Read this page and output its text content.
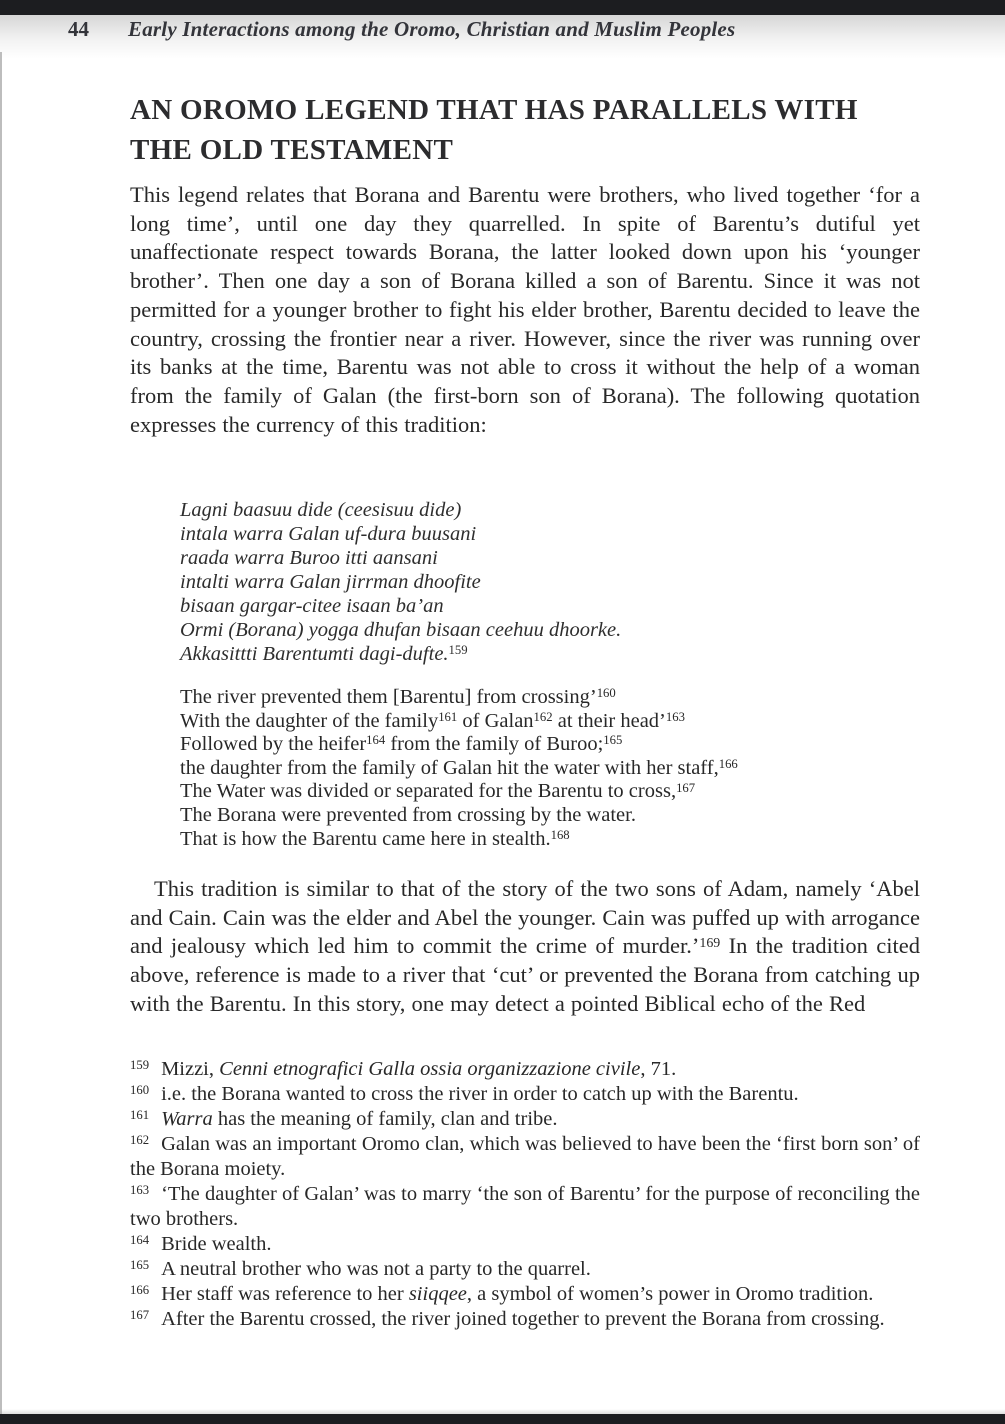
44 Early Interactions among the Oromo, Christian and Muslim Peoples
AN OROMO LEGEND THAT HAS PARALLELS WITH
THE OLD TESTAMENT

This legend relates that Borana and Barentu were brothers, who lived together ‘for a long time’, until one day they quarrelled. In spite of Barentu’s dutiful yet unaffectionate respect towards Borana, the latter looked down upon his ‘younger brother’. Then one day a son of Borana killed a son of Barentu. Since it was not permitted for a younger brother to fight his elder brother, Barentu decided to leave the country, crossing the frontier near a river. However, since the river was running over its banks at the time, Barentu was not able to cross it without the help of a woman from the family of Galan (the first-born son of Borana). The following quotation expresses the currency of this tradition:

Lagni baasuu dide (ceesisuu dide)
intala warra Galan uf-dura buusani
raada warra Buroo itti aansani
intalti warra Galan jirrman dhoofite
bisaan gargar-citee isaan ba’an
Ormi (Borana) yogga dhufan bisaan ceehuu dhoorke.
Akkasittti Barentumti dagi-dufte.$^{159}$
The river prevented them [Barentu] from crossing’$^{160}$
With the daughter of the family$^{161}$ of Galan$^{162}$ at their head’$^{163}$
Followed by the heifer$^{164}$ from the family of Buroo;$^{165}$
the daughter from the family of Galan hit the water with her staff,$^{166}$
The Water was divided or separated for the Barentu to cross,$^{167}$
The Borana were prevented from crossing by the water.
That is how the Barentu came here in stealth.$^{168}$

This tradition is similar to that of the story of the two sons of Adam, namely ‘Abel and Cain. Cain was the elder and Abel the younger. Cain was puffed up with arrogance and jealousy which led him to commit the crime of murder.’$^{169}$ In the tradition cited above, reference is made to a river that ‘cut’ or prevented the Borana from catching up with the Barentu. In this story, one may detect a pointed Biblical echo of the Red

$^{159}$ Mizzi, Cenni etnografici Galla ossia organizzazione civile, 71.
$^{160}$ i.e. the Borana wanted to cross the river in order to catch up with the Barentu.
$^{161}$ Warra has the meaning of family, clan and tribe.
$^{162}$ Galan was an important Oromo clan, which was believed to have been the ‘first born son’ of the Borana moiety.
$^{163}$ ‘The daughter of Galan’ was to marry ‘the son of Barentu’ for the purpose of reconciling the two brothers.
$^{164}$ Bride wealth.
$^{165}$ A neutral brother who was not a party to the quarrel.
$^{166}$ Her staff was reference to her siiqqee, a symbol of women’s power in Oromo tradition.
$^{167}$ After the Barentu crossed, the river joined together to prevent the Borana from crossing.
